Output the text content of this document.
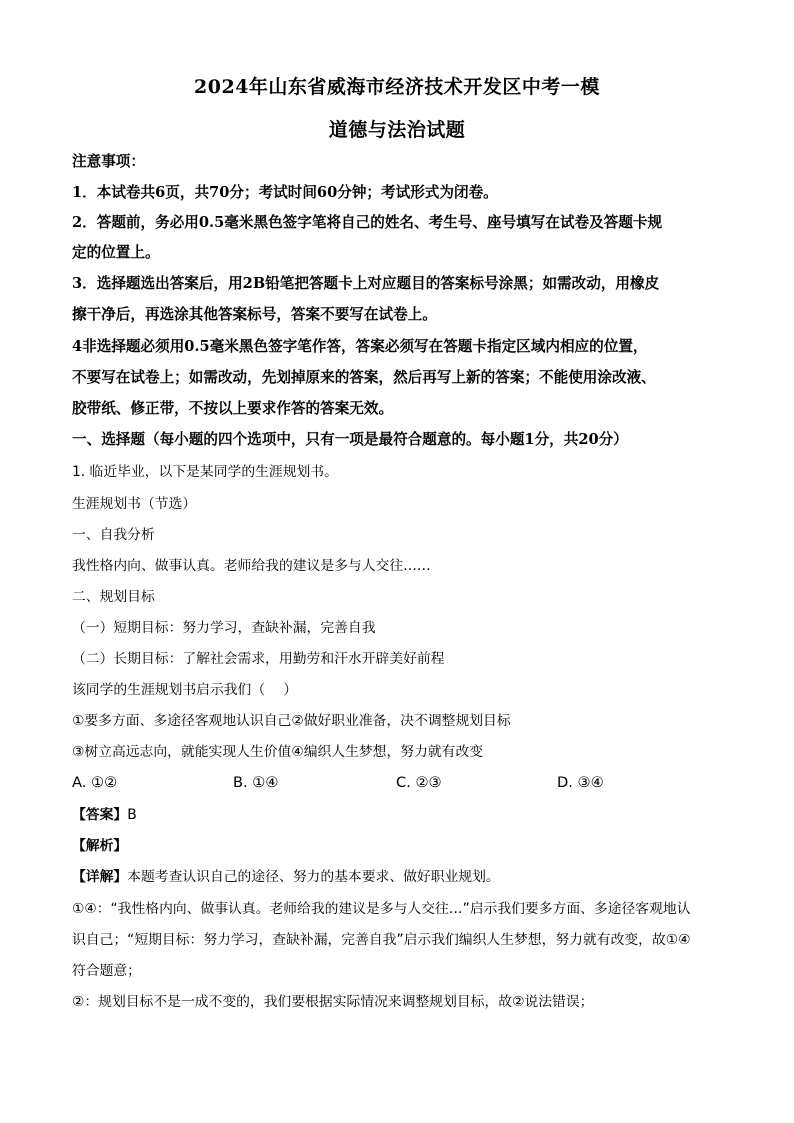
2024年山东省威海市经济技术开发区中考一模
道德与法治试题
注意事项：
1．本试卷共6页，共70分；考试时间60分钟；考试形式为闭卷。
2．答题前，务必用0.5毫米黑色签字笔将自己的姓名、考生号、座号填写在试卷及答题卡规
定的位置上。
3．选择题选出答案后，用2B铅笔把答题卡上对应题目的答案标号涂黑；如需改动，用橡皮
擦干净后，再选涂其他答案标号，答案不要写在试卷上。
4非选择题必须用0.5毫米黑色签字笔作答，答案必须写在答题卡指定区域内相应的位置，
不要写在试卷上；如需改动，先划掉原来的答案，然后再写上新的答案；不能使用涂改液、
胶带纸、修正带，不按以上要求作答的答案无效。
一、选择题（每小题的四个选项中，只有一项是最符合题意的。每小题1分，共20分）
1. 临近毕业，以下是某同学的生涯规划书。
生涯规划书（节选）
一、自我分析
我性格内向、做事认真。老师给我的建议是多与人交往……
二、规划目标
（一）短期目标：努力学习，查缺补漏，完善自我
（二）长期目标：了解社会需求，用勤劳和汗水开辟美好前程
该同学的生涯规划书启示我们（　 ）
①要多方面、多途径客观地认识自己②做好职业准备，决不调整规划目标
③树立高远志向，就能实现人生价值④编织人生梦想，努力就有改变
A. ①②	B. ①④	C. ②③	D. ③④
【答案】B
【解析】
【详解】本题考查认识自己的途径、努力的基本要求、做好职业规划。
①④：“我性格内向、做事认真。老师给我的建议是多与人交往…”启示我们要多方面、多途径客观地认
识自己；“短期目标：努力学习，查缺补漏，完善自我”启示我们编织人生梦想，努力就有改变，故①④
符合题意；
②：规划目标不是一成不变的，我们要根据实际情况来调整规划目标，故②说法错误；
